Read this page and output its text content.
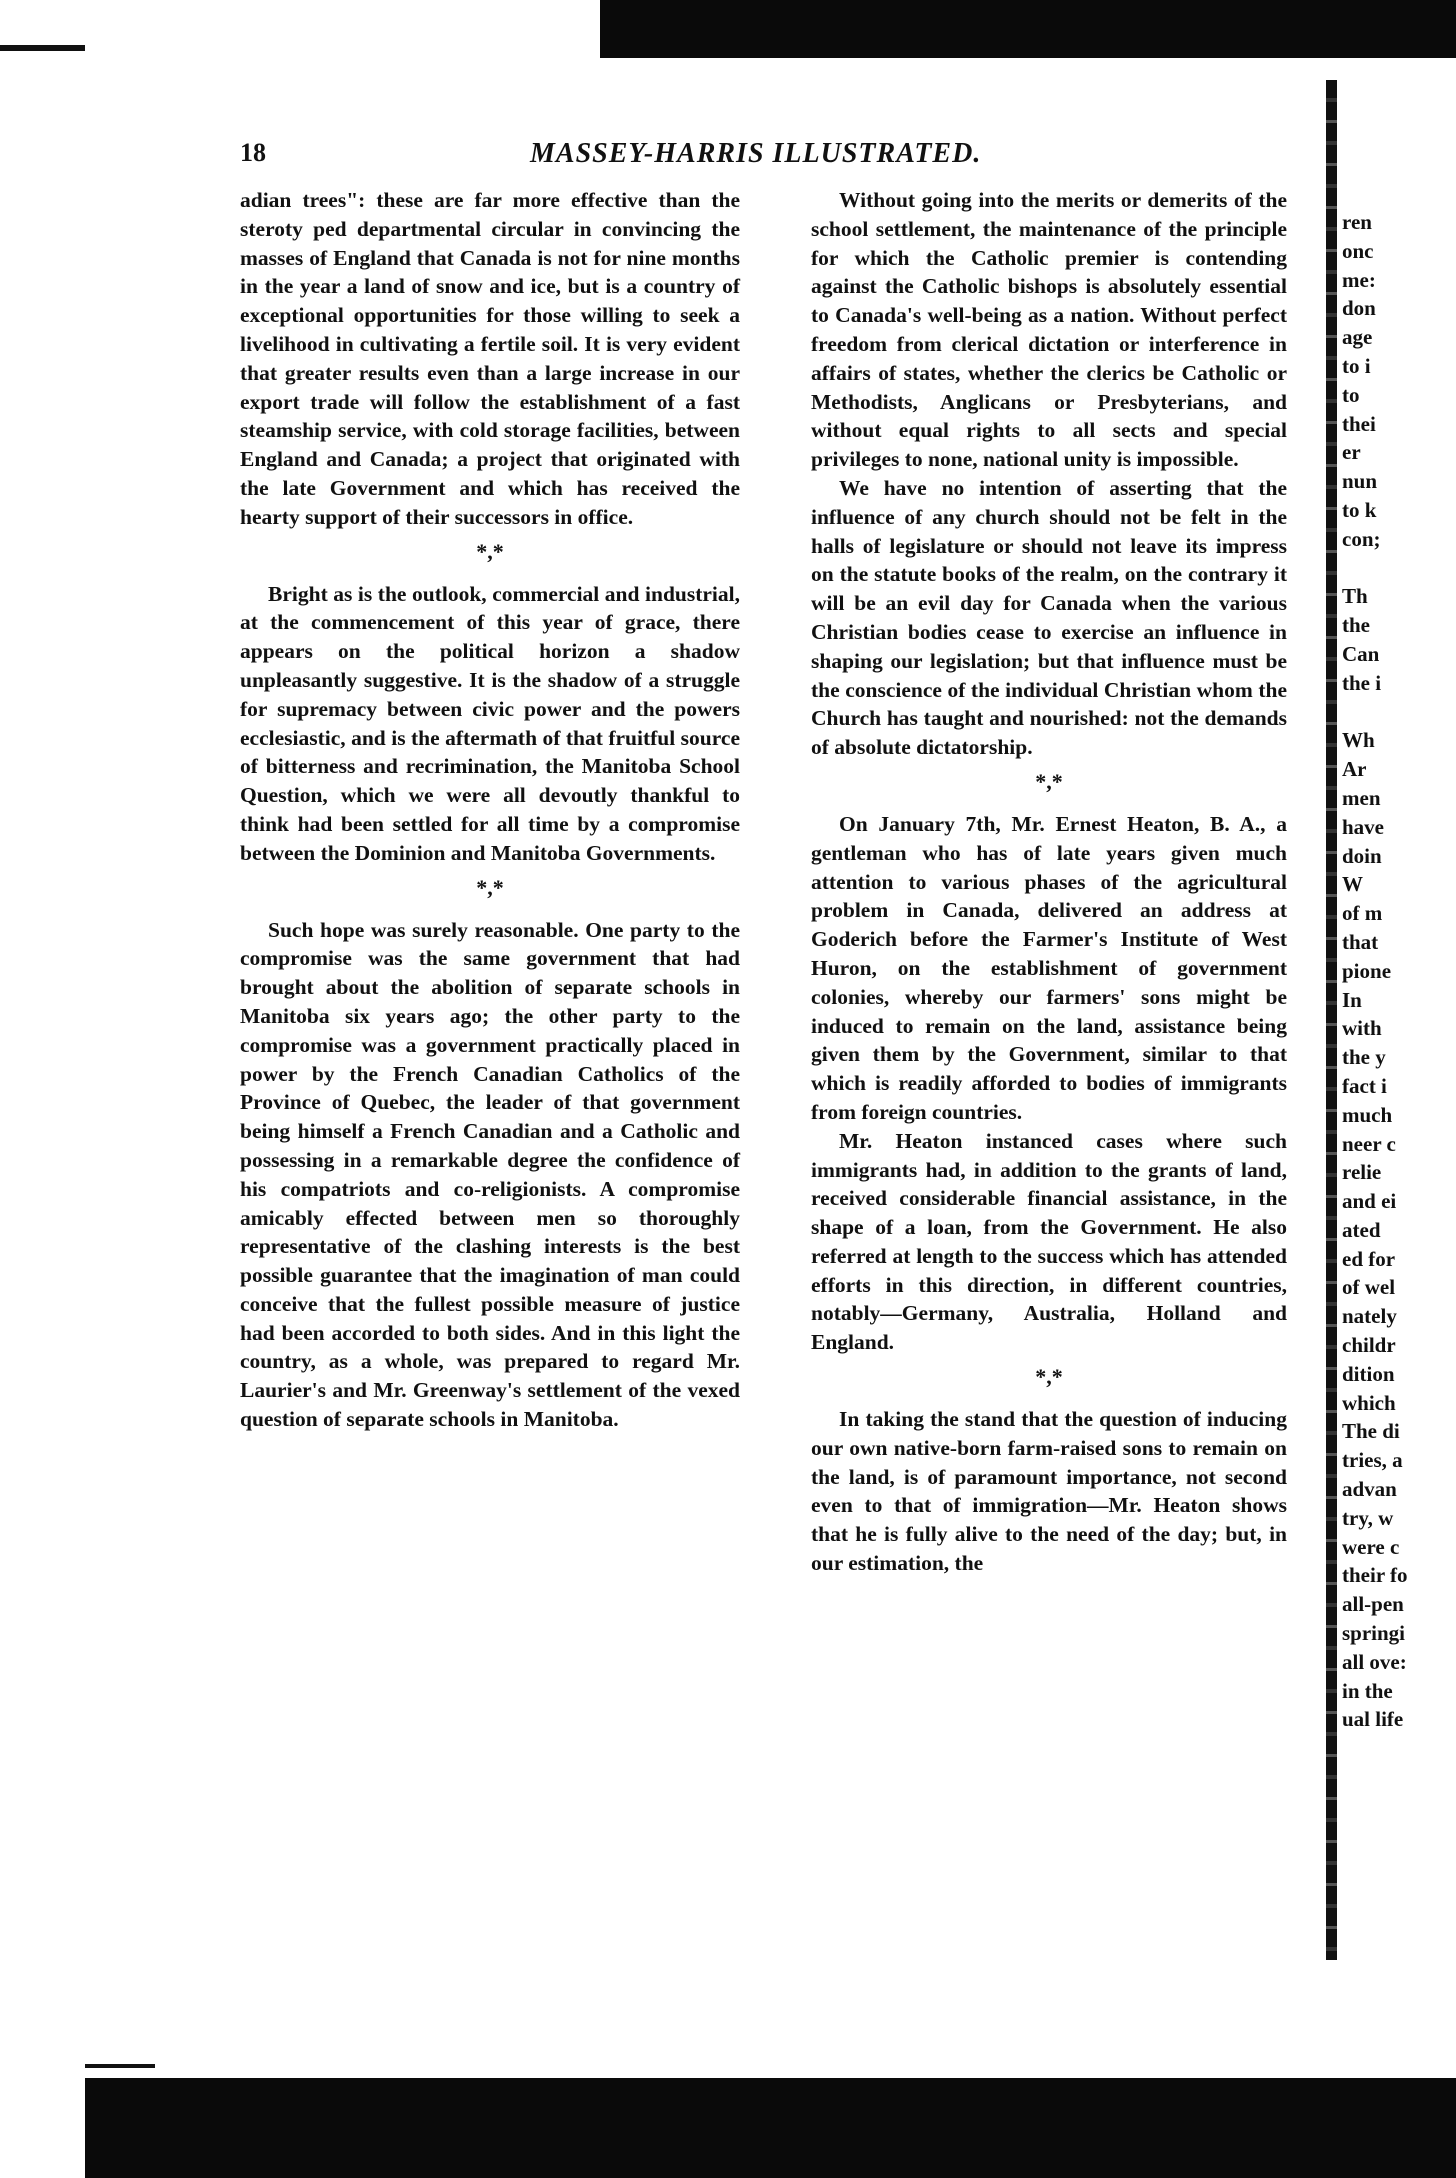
18	MASSEY-HARRIS ILLUSTRATED.

adian trees": these are far more effective than the steroty ped departmental circular in convincing the masses of England that Canada is not for nine months in the year a land of snow and ice, but is a country of exceptional opportunities for those willing to seek a livelihood in cultivating a fertile soil. It is very evident that greater results even than a large increase in our export trade will follow the establishment of a fast steamship service, with cold storage facilities, between England and Canada; a project that originated with the late Government and which has received the hearty support of their successors in office.

*,*

Bright as is the outlook, commercial and industrial, at the commencement of this year of grace, there appears on the political horizon a shadow unpleasantly suggestive. It is the shadow of a struggle for supremacy between civic power and the powers ecclesiastic, and is the aftermath of that fruitful source of bitterness and recrimination, the Manitoba School Question, which we were all devoutly thankful to think had been settled for all time by a compromise between the Dominion and Manitoba Governments.

*,*

Such hope was surely reasonable. One party to the compromise was the same government that had brought about the abolition of separate schools in Manitoba six years ago; the other party to the compromise was a government practically placed in power by the French Canadian Catholics of the Province of Quebec, the leader of that government being himself a French Canadian and a Catholic and possessing in a remarkable degree the confidence of his compatriots and co-religionists. A compromise amicably effected between men so thoroughly representative of the clashing interests is the best possible guarantee that the imagination of man could conceive that the fullest possible measure of justice had been accorded to both sides. And in this light the country, as a whole, was prepared to regard Mr. Laurier's and Mr. Greenway's settlement of the vexed question of separate schools in Manitoba.

Without going into the merits or demerits of the school settlement, the maintenance of the principle for which the Catholic premier is contending against the Catholic bishops is absolutely essential to Canada's well-being as a nation. Without perfect freedom from clerical dictation or interference in affairs of states, whether the clerics be Catholic or Methodists, Anglicans or Presbyterians, and without equal rights to all sects and special privileges to none, national unity is impossible.

We have no intention of asserting that the influence of any church should not be felt in the halls of legislature or should not leave its impress on the statute books of the realm, on the contrary it will be an evil day for Canada when the various Christian bodies cease to exercise an influence in shaping our legislation; but that influence must be the conscience of the individual Christian whom the Church has taught and nourished: not the demands of absolute dictatorship.

*,*

On January 7th, Mr. Ernest Heaton, B. A., a gentleman who has of late years given much attention to various phases of the agricultural problem in Canada, delivered an address at Goderich before the Farmer's Institute of West Huron, on the establishment of government colonies, whereby our farmers' sons might be induced to remain on the land, assistance being given them by the Government, similar to that which is readily afforded to bodies of immigrants from foreign countries.

Mr. Heaton instanced cases where such immigrants had, in addition to the grants of land, received considerable financial assistance, in the shape of a loan, from the Government. He also referred at length to the success which has attended efforts in this direction, in different countries, notably—Germany, Australia, Holland and England.

*,*

In taking the stand that the question of inducing our own native-born farm-raised sons to remain on the land, is of paramount importance, not second even to that of immigration—Mr. Heaton shows that he is fully alive to the need of the day; but, in our estimation, the

ren
onc
me:
don
age
to i
to
thei
er
nun
to k
con;
Th
the
Can
the i
Wh
Ar
men
have
doin
W
of m
that
pione
In
with
the y
fact i
much
neer c
relie
and ei
ated
ed for
of wel
nately
childr
dition
which
The di
tries, a
advan
try, w
were c
their fo
all-pen
springi
all ove:
in the
ual life
